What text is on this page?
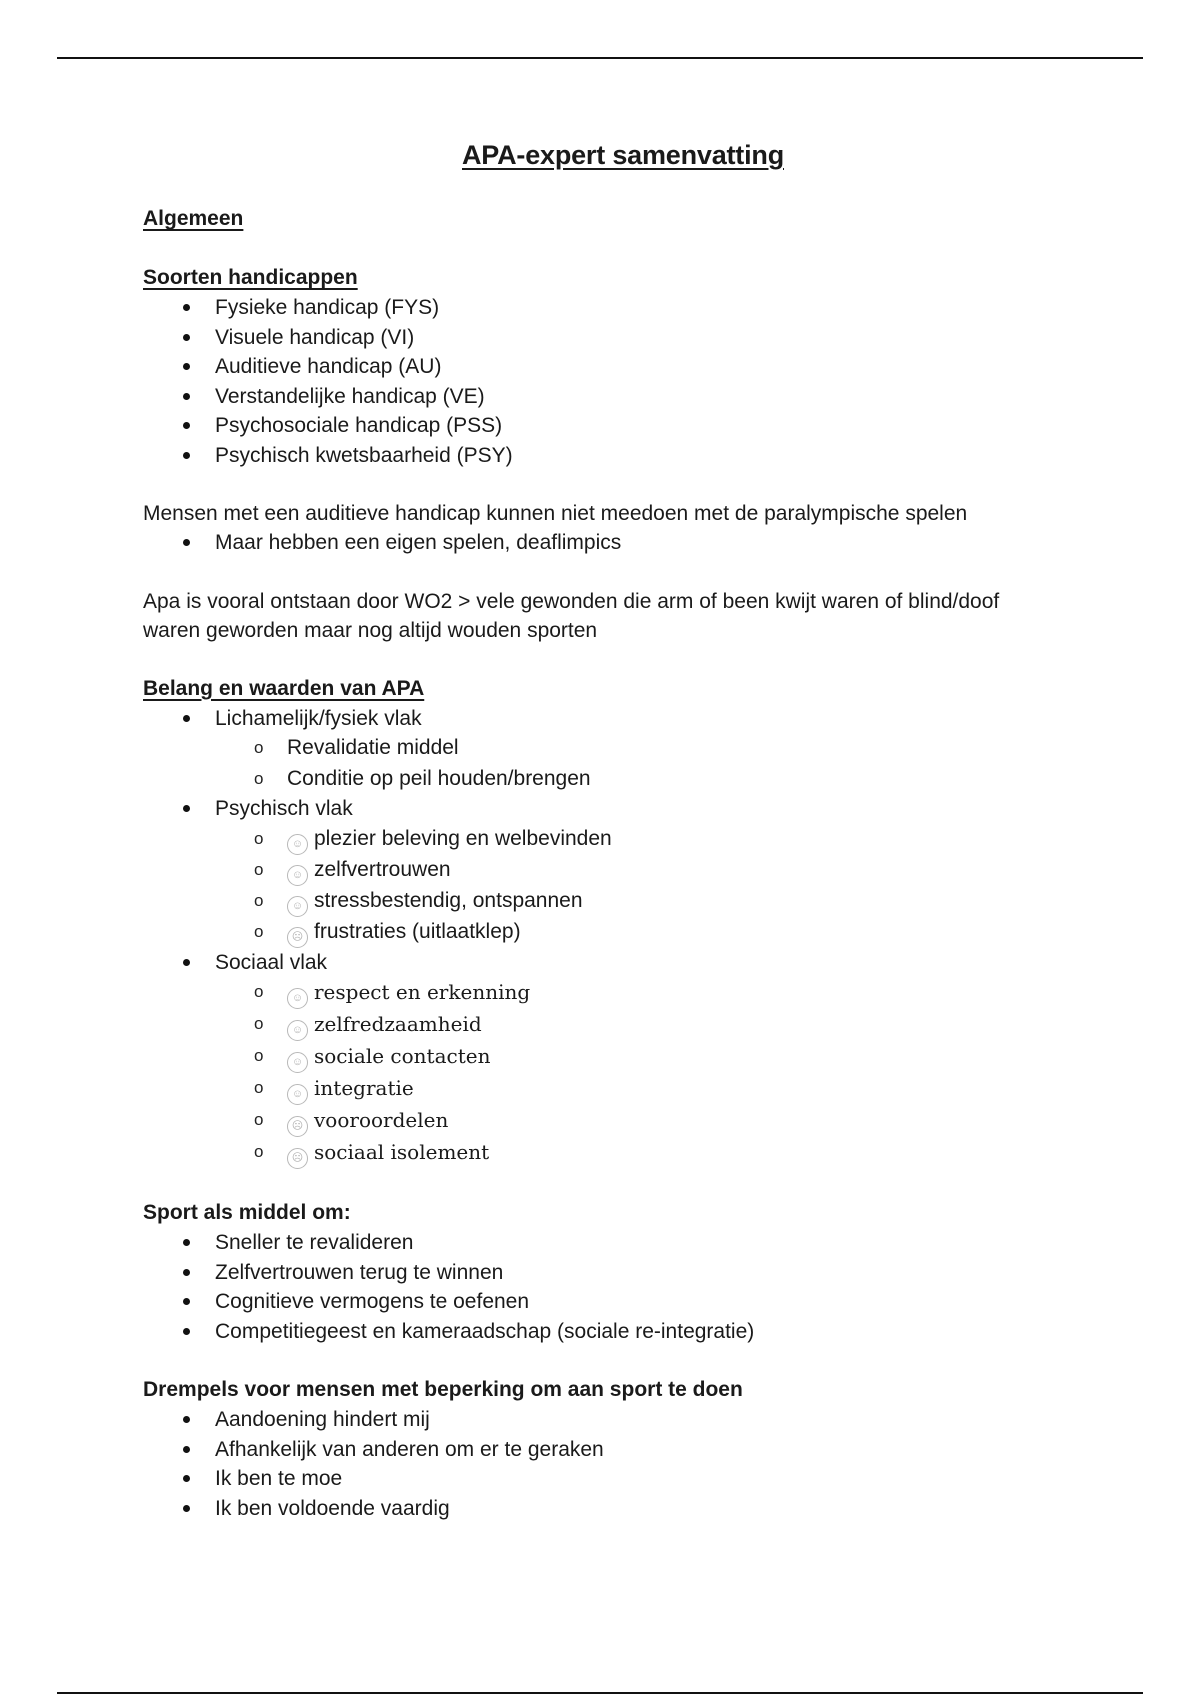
APA-expert samenvatting
Algemeen
Soorten handicappen
Fysieke handicap (FYS)
Visuele handicap (VI)
Auditieve handicap (AU)
Verstandelijke handicap (VE)
Psychosociale handicap (PSS)
Psychisch kwetsbaarheid (PSY)

Mensen met een auditieve handicap kunnen niet meedoen met de paralympische spelen

Maar hebben een eigen spelen, deaflimpics

Apa is vooral ontstaan door WO2 > vele gewonden die arm of been kwijt waren of blind/doof

waren geworden maar nog altijd wouden sporten

Belang en waarden van APA
Lichamelijk/fysiek vlak
o Revalidatie middel
o Conditie op peil houden/brengen
Psychisch vlak
o	☺ plezier beleving en welbevinden
o	☺ zelfvertrouwen
o	☺ stressbestendig, ontspannen
o	☹ frustraties (uitlaatklep)
Sociaal vlak
o	☺ respect en erkenning
o	☺ zelfredzaamheid
o	☺ sociale contacten
o	☺ integratie
o	☹ vooroordelen
o	☹ sociaal isolement
Sport als middel om:
Sneller te revalideren
Zelfvertrouwen terug te winnen
Cognitieve vermogens te oefenen
Competitiegeest en kameraadschap (sociale re-integratie)
Drempels voor mensen met beperking om aan sport te doen
Aandoening hindert mij
Afhankelijk van anderen om er te geraken
Ik ben te moe
Ik ben voldoende vaardig
